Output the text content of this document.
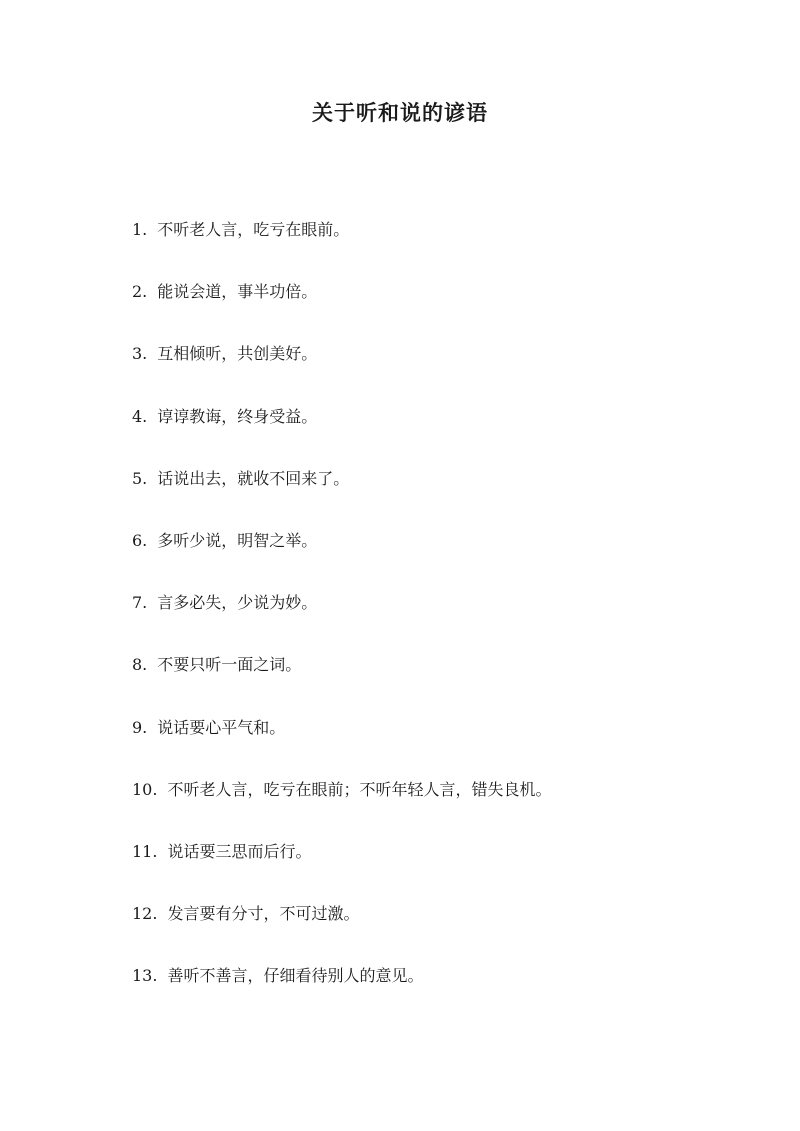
关于听和说的谚语
1. 不听老人言，吃亏在眼前。
2. 能说会道，事半功倍。
3. 互相倾听，共创美好。
4. 谆谆教诲，终身受益。
5. 话说出去，就收不回来了。
6. 多听少说，明智之举。
7. 言多必失，少说为妙。
8. 不要只听一面之词。
9. 说话要心平气和。
10. 不听老人言，吃亏在眼前；不听年轻人言，错失良机。
11. 说话要三思而后行。
12. 发言要有分寸，不可过激。
13. 善听不善言，仔细看待别人的意见。
